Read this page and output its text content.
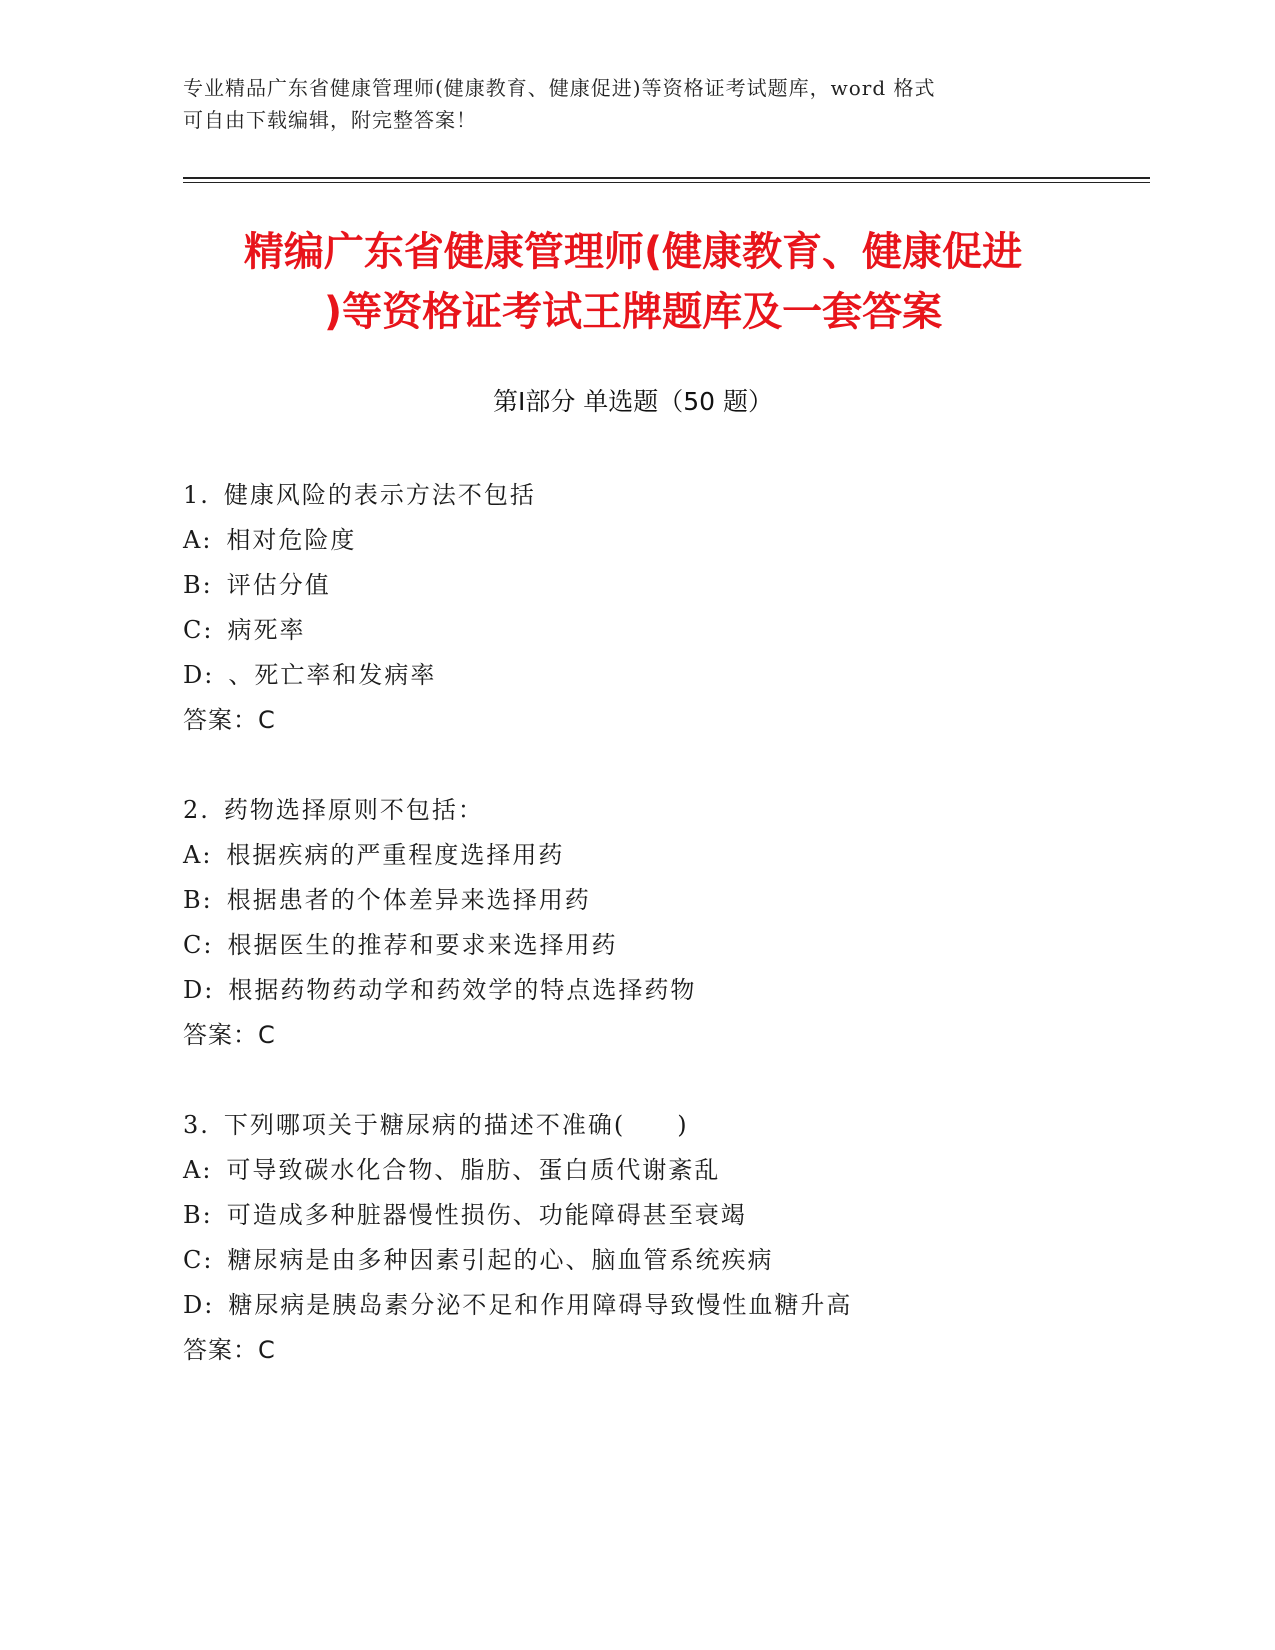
专业精品广东省健康管理师(健康教育、健康促进)等资格证考试题库，word 格式
可自由下载编辑，附完整答案！
精编广东省健康管理师(健康教育、健康促进
)等资格证考试王牌题库及一套答案
第Ⅰ部分 单选题（50 题）
1. 健康风险的表示方法不包括
A: 相对危险度
B: 评估分值
C: 病死率
D: 、死亡率和发病率
答案：C
2. 药物选择原则不包括：
A: 根据疾病的严重程度选择用药
B: 根据患者的个体差异来选择用药
C: 根据医生的推荐和要求来选择用药
D: 根据药物药动学和药效学的特点选择药物
答案：C
3. 下列哪项关于糖尿病的描述不准确(　　)
A: 可导致碳水化合物、脂肪、蛋白质代谢紊乱
B: 可造成多种脏器慢性损伤、功能障碍甚至衰竭
C: 糖尿病是由多种因素引起的心、脑血管系统疾病
D: 糖尿病是胰岛素分泌不足和作用障碍导致慢性血糖升高
答案：C
